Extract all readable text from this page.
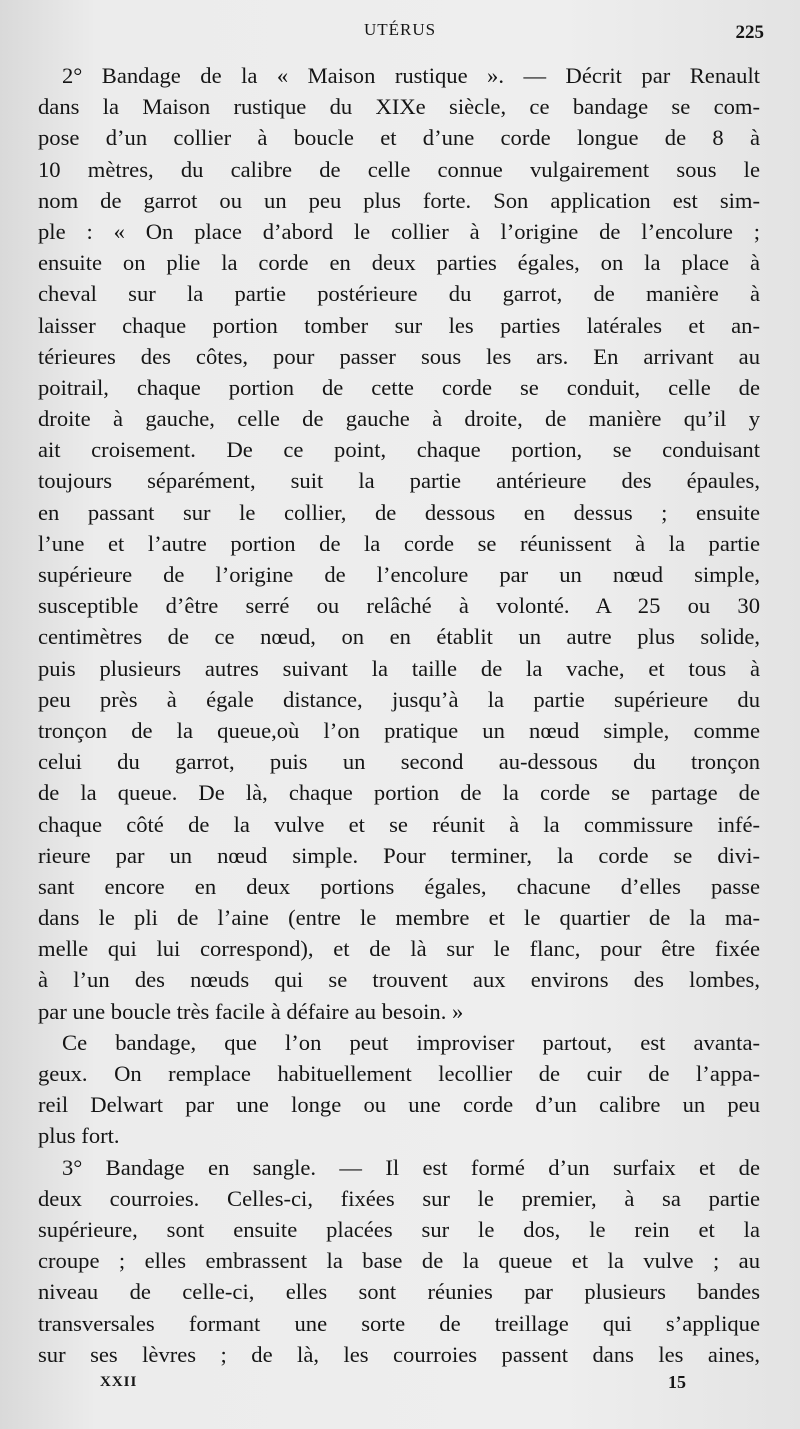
UTÉRUS	225
2° Bandage de la « Maison rustique ». — Décrit par Renault
dans la Maison rustique du XIXe siècle, ce bandage se com-
pose d’un collier à boucle et d’une corde longue de 8 à
10 mètres, du calibre de celle connue vulgairement sous le
nom de garrot ou un peu plus forte. Son application est sim-
ple : « On place d’abord le collier à l’origine de l’encolure ;
ensuite on plie la corde en deux parties égales, on la place à
cheval sur la partie postérieure du garrot, de manière à
laisser chaque portion tomber sur les parties latérales et an-
térieures des côtes, pour passer sous les ars. En arrivant au
poitrail, chaque portion de cette corde se conduit, celle de
droite à gauche, celle de gauche à droite, de manière qu’il y
ait croisement. De ce point, chaque portion, se conduisant
toujours séparément, suit la partie antérieure des épaules,
en passant sur le collier, de dessous en dessus ; ensuite
l’une et l’autre portion de la corde se réunissent à la partie
supérieure de l’origine de l’encolure par un nœud simple,
susceptible d’être serré ou relâché à volonté. A 25 ou 30
centimètres de ce nœud, on en établit un autre plus solide,
puis plusieurs autres suivant la taille de la vache, et tous à
peu près à égale distance, jusqu’à la partie supérieure du
tronçon de la queue,où l’on pratique un nœud simple, comme
celui du garrot, puis un second au-dessous du tronçon
de la queue. De là, chaque portion de la corde se partage de
chaque côté de la vulve et se réunit à la commissure infé-
rieure par un nœud simple. Pour terminer, la corde se divi-
sant encore en deux portions égales, chacune d’elles passe
dans le pli de l’aine (entre le membre et le quartier de la ma-
melle qui lui correspond), et de là sur le flanc, pour être fixée
à l’un des nœuds qui se trouvent aux environs des lombes,
par une boucle très facile à défaire au besoin. »
Ce bandage, que l’on peut improviser partout, est avanta-
geux. On remplace habituellement lecollier de cuir de l’appa-
reil Delwart par une longe ou une corde d’un calibre un peu
plus fort.
3° Bandage en sangle. — Il est formé d’un surfaix et de
deux courroies. Celles-ci, fixées sur le premier, à sa partie
supérieure, sont ensuite placées sur le dos, le rein et la
croupe ; elles embrassent la base de la queue et la vulve ; au
niveau de celle-ci, elles sont réunies par plusieurs bandes
transversales formant une sorte de treillage qui s’applique
sur ses lèvres ; de là, les courroies passent dans les aines,
XXII	15
